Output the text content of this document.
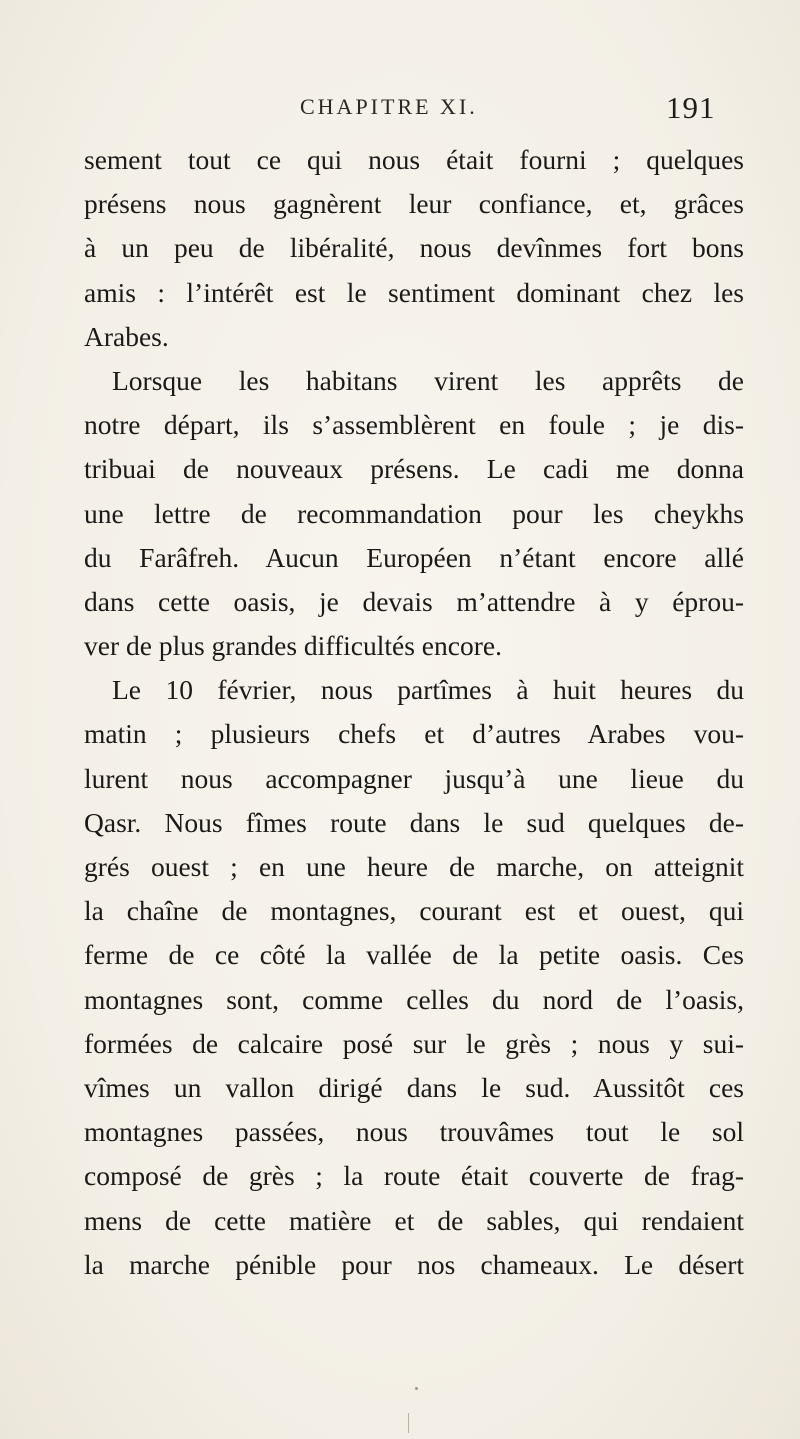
CHAPITRE XI.	191
sement tout ce qui nous était fourni ; quelques
présens nous gagnèrent leur confiance, et, grâces
à un peu de libéralité, nous devînmes fort bons
amis : l’intérêt est le sentiment dominant chez les
Arabes.
Lorsque les habitans virent les apprêts de
notre départ, ils s’assemblèrent en foule ; je dis-
tribuai de nouveaux présens. Le cadi me donna
une lettre de recommandation pour les cheykhs
du Farâfreh. Aucun Européen n’étant encore allé
dans cette oasis, je devais m’attendre à y éprou-
ver de plus grandes difficultés encore.
Le 10 février, nous partîmes à huit heures du
matin ; plusieurs chefs et d’autres Arabes vou-
lurent nous accompagner jusqu’à une lieue du
Qasr. Nous fîmes route dans le sud quelques de-
grés ouest ; en une heure de marche, on atteignit
la chaîne de montagnes, courant est et ouest, qui
ferme de ce côté la vallée de la petite oasis. Ces
montagnes sont, comme celles du nord de l’oasis,
formées de calcaire posé sur le grès ; nous y sui-
vîmes un vallon dirigé dans le sud. Aussitôt ces
montagnes passées, nous trouvâmes tout le sol
composé de grès ; la route était couverte de frag-
mens de cette matière et de sables, qui rendaient
la marche pénible pour nos chameaux. Le désert
